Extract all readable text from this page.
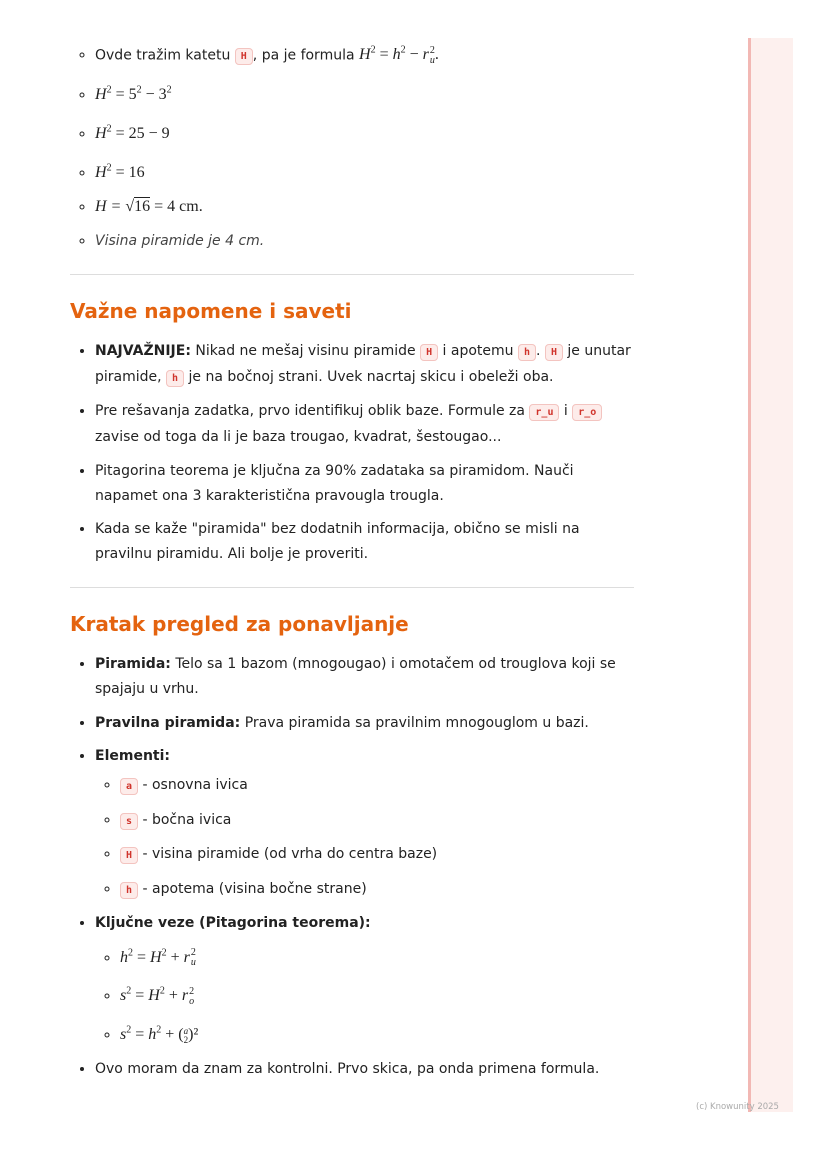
◦ Ovde tražim katetu H , pa je formula $H^2 = h^2 - r$ 2
u .
◦ $H^2 = 5^2 - 3^2$
◦ $H^2 = 25 - 9$
◦ $H^2 = 16$
◦ H = √16 = 4 cm.
◦ Visina piramide je 4 cm.
Važne napomene i saveti
• NAJVAŽNIJE: Nikad ne mešaj visinu piramide H i apotemu h . H je unutar piramide, h je na bočnoj strani. Uvek nacrtaj skicu i obeleži oba.
• Pre rešavanja zadatka, prvo identifikuj oblik baze. Formule za r_u i r_o zavise od toga da li je baza trougao, kvadrat, šestougao...
• Pitagorina teorema je ključna za 90% zadataka sa piramidom. Nauči napamet ona 3 karakteristična pravougla trougla.
• Kada se kaže "piramida" bez dodatnih informacija, obično se misli na pravilnu piramidu. Ali bolje je proveriti.
Kratak pregled za ponavljanje
• Piramida: Telo sa 1 bazom (mnogougao) i omotačem od trouglova koji se spajaju u vrhu.
• Pravilna piramida: Prava piramida sa pravilnim mnogouglom u bazi.
• Elementi:
◦ a - osnovna ivica
◦ s - bočna ivica
◦ H - visina piramide (od vrha do centra baze)
◦ h - apotema (visina bočne strane)
• Ključne veze (Pitagorina teorema):
◦ $h^2 = H^2 + r$ 2
u
◦ $s^2 = H^2 + r$ 2
o
◦ $s^2 = h^2$ + ( a
2 )²
• Ovo moram da znam za kontrolni. Prvo skica, pa onda primena formula.
(c) Knowunity 2025
